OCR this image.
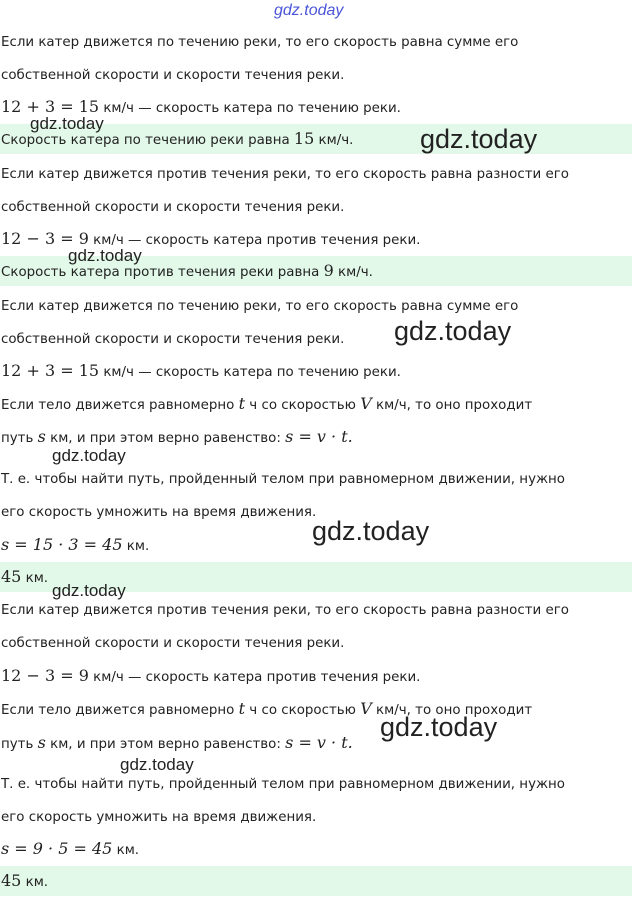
gdz.today
Если катер движется по течению реки, то его скорость равна сумме его
собственной скорости и скорости течения реки.
12 + 3 = 15 км/ч — скорость катера по течению реки.
Скорость катера по течению реки равна 15 км/ч.
Если катер движется против течения реки, то его скорость равна разности его
собственной скорости и скорости течения реки.
12 − 3 = 9 км/ч — скорость катера против течения реки.
Скорость катера против течения реки равна 9 км/ч.
Если катер движется по течению реки, то его скорость равна сумме его
собственной скорости и скорости течения реки.
12 + 3 = 15 км/ч — скорость катера по течению реки.
Если тело движется равномерно t ч со скоростью V км/ч, то оно проходит
путь s км, и при этом верно равенство: s = v · t.
Т. е. чтобы найти путь, пройденный телом при равномерном движении, нужно
его скорость умножить на время движения.
s = 15 · 3 = 45 км.
45 км.
Если катер движется против течения реки, то его скорость равна разности его
собственной скорости и скорости течения реки.
12 − 3 = 9 км/ч — скорость катера против течения реки.
Если тело движется равномерно t ч со скоростью V км/ч, то оно проходит
путь s км, и при этом верно равенство: s = v · t.
Т. е. чтобы найти путь, пройденный телом при равномерном движении, нужно
его скорость умножить на время движения.
s = 9 · 5 = 45 км.
45 км.
gdz.today
gdz.today
gdz.today
gdz.today
gdz.today
gdz.today
gdz.today
gdz.today
gdz.today
